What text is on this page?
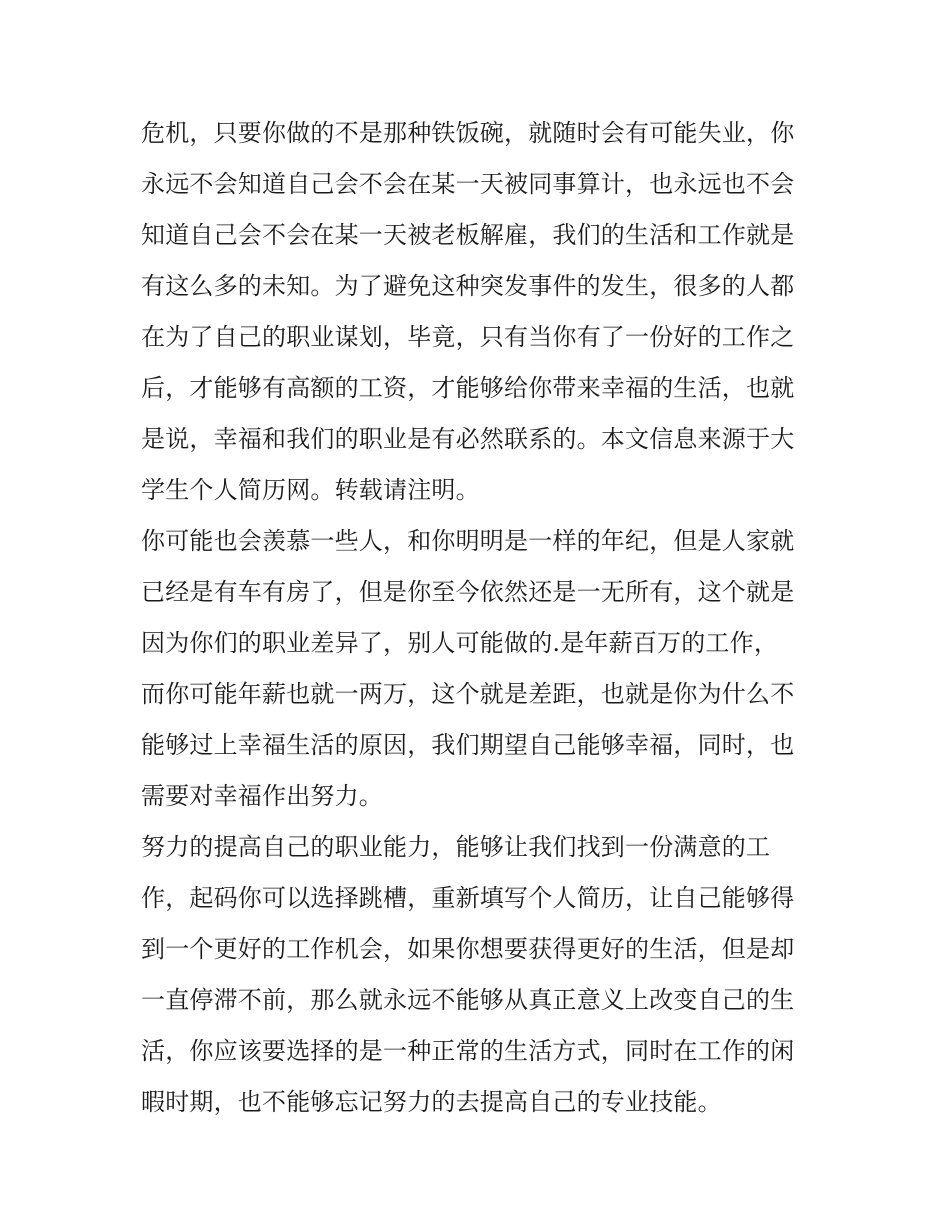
危机，只要你做的不是那种铁饭碗，就随时会有可能失业，你
永远不会知道自己会不会在某一天被同事算计，也永远也不会
知道自己会不会在某一天被老板解雇，我们的生活和工作就是
有这么多的未知。为了避免这种突发事件的发生，很多的人都
在为了自己的职业谋划，毕竟，只有当你有了一份好的工作之
后，才能够有高额的工资，才能够给你带来幸福的生活，也就
是说，幸福和我们的职业是有必然联系的。本文信息来源于大
学生个人简历网。转载请注明。
你可能也会羡慕一些人，和你明明是一样的年纪，但是人家就
已经是有车有房了，但是你至今依然还是一无所有，这个就是
因为你们的职业差异了，别人可能做的.是年薪百万的工作，
而你可能年薪也就一两万，这个就是差距，也就是你为什么不
能够过上幸福生活的原因，我们期望自己能够幸福，同时，也
需要对幸福作出努力。
努力的提高自己的职业能力，能够让我们找到一份满意的工
作，起码你可以选择跳槽，重新填写个人简历，让自己能够得
到一个更好的工作机会，如果你想要获得更好的生活，但是却
一直停滞不前，那么就永远不能够从真正意义上改变自己的生
活，你应该要选择的是一种正常的生活方式，同时在工作的闲
暇时期，也不能够忘记努力的去提高自己的专业技能。
